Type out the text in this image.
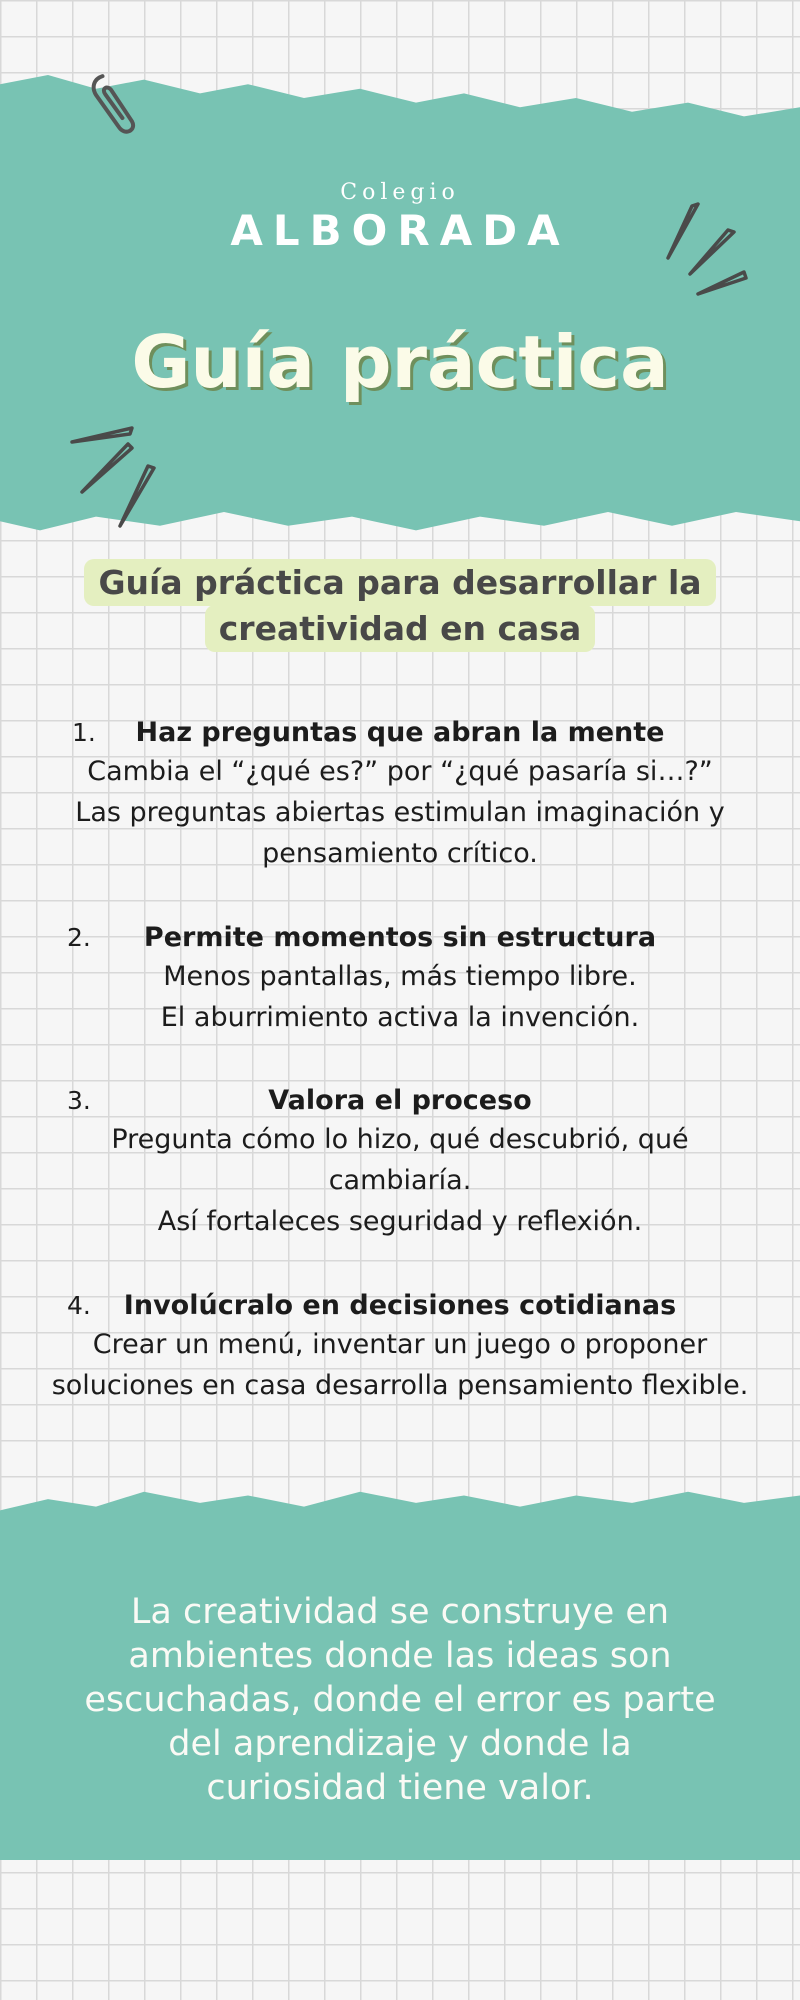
Colegio
ALBORADA
Guía práctica
Guía práctica para desarrollar la
creatividad en casa
1. Haz preguntas que abran la mente
Cambia el “¿qué es?” por “¿qué pasaría si…?”
Las preguntas abiertas estimulan imaginación y
pensamiento crítico.
2. Permite momentos sin estructura
Menos pantallas, más tiempo libre.
El aburrimiento activa la invención.
3.	Valora el proceso
Pregunta cómo lo hizo, qué descubrió, qué
cambiaría.
Así fortaleces seguridad y reflexión.
4. Involúcralo en decisiones cotidianas
Crear un menú, inventar un juego o proponer
soluciones en casa desarrolla pensamiento flexible.
La creatividad se construye en
ambientes donde las ideas son
escuchadas, donde el error es parte
del aprendizaje y donde la
curiosidad tiene valor.
